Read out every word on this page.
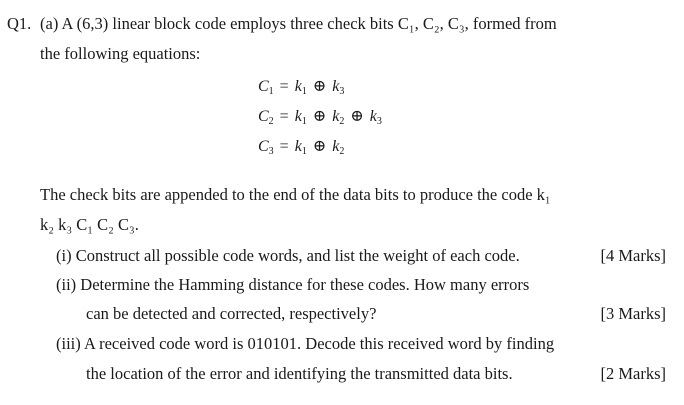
Q1. (a) A (6,3) linear block code employs three check bits C₁, C₂, C₃, formed from
the following equations:
$C_1 = k_1$ ⊕ $k_3$
$C_2 = k_1$ ⊕ $k_2$ ⊕ $k_3$
$C_3 = k_1$ ⊕ $k_2$
The check bits are appended to the end of the data bits to produce the code k₁
k₂ k₃ C₁ C₂ C₃.
(i) Construct all possible code words, and list the weight of each code.	[4 Marks]
(ii) Determine the Hamming distance for these codes. How many errors
can be detected and corrected, respectively?	[3 Marks]
(iii) A received code word is 010101. Decode this received word by finding
the location of the error and identifying the transmitted data bits.	[2 Marks]
